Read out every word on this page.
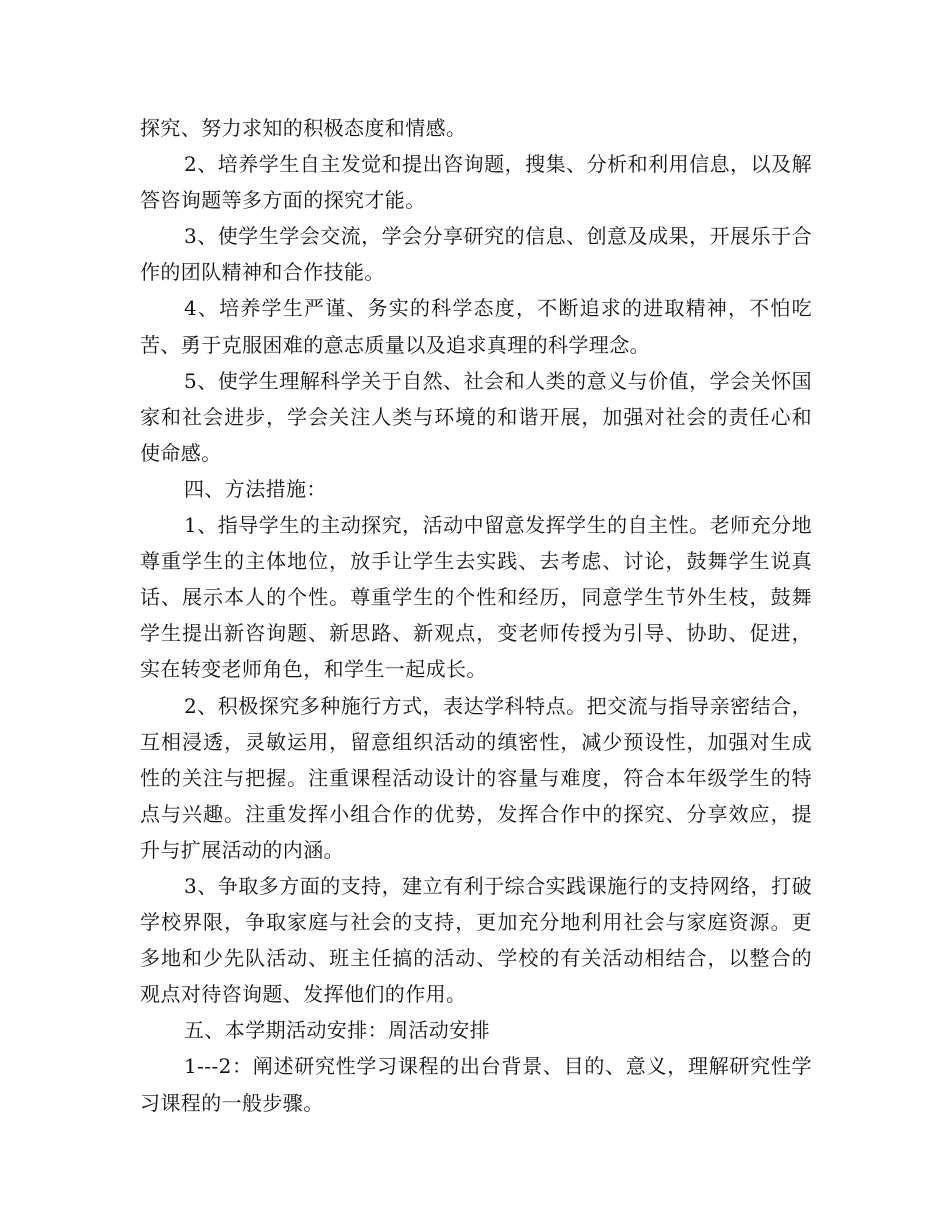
探究、努力求知的积极态度和情感。

2、培养学生自主发觉和提出咨询题，搜集、分析和利用信息，以及解答咨询题等多方面的探究才能。

3、使学生学会交流，学会分享研究的信息、创意及成果，开展乐于合作的团队精神和合作技能。

4、培养学生严谨、务实的科学态度，不断追求的进取精神，不怕吃苦、勇于克服困难的意志质量以及追求真理的科学理念。

5、使学生理解科学关于自然、社会和人类的意义与价值，学会关怀国家和社会进步，学会关注人类与环境的和谐开展，加强对社会的责任心和使命感。

四、方法措施：

1、指导学生的主动探究，活动中留意发挥学生的自主性。老师充分地尊重学生的主体地位，放手让学生去实践、去考虑、讨论，鼓舞学生说真话、展示本人的个性。尊重学生的个性和经历，同意学生节外生枝，鼓舞学生提出新咨询题、新思路、新观点，变老师传授为引导、协助、促进，实在转变老师角色，和学生一起成长。

2、积极探究多种施行方式，表达学科特点。把交流与指导亲密结合，互相浸透，灵敏运用，留意组织活动的缜密性，减少预设性，加强对生成性的关注与把握。注重课程活动设计的容量与难度，符合本年级学生的特点与兴趣。注重发挥小组合作的优势，发挥合作中的探究、分享效应，提升与扩展活动的内涵。

3、争取多方面的支持，建立有利于综合实践课施行的支持网络，打破学校界限，争取家庭与社会的支持，更加充分地利用社会与家庭资源。更多地和少先队活动、班主任搞的活动、学校的有关活动相结合，以整合的观点对待咨询题、发挥他们的作用。

五、本学期活动安排：周活动安排

1---2：阐述研究性学习课程的出台背景、目的、意义，理解研究性学习课程的一般步骤。
